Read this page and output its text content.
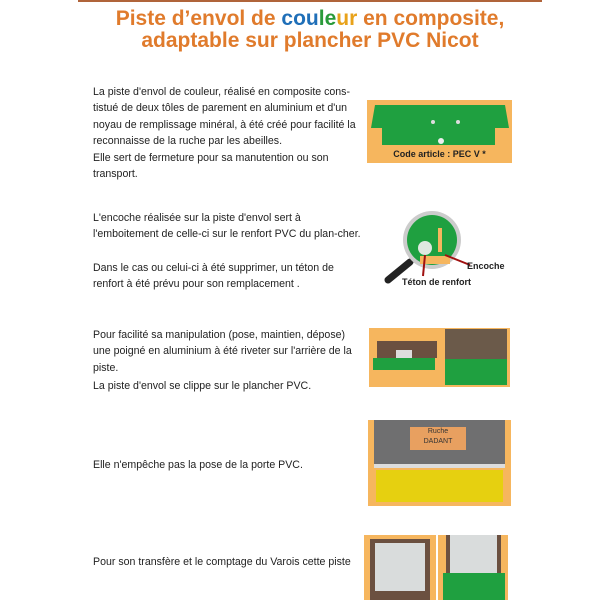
Piste d’envol de couleur en composite,
adaptable sur plancher PVC Nicot

La piste d'envol de couleur, réalisé en composite cons-tistué de deux tôles de parement en aluminium et d'un noyau de remplissage minéral, à été créé pour facilité la reconnaisse de la ruche par les abeilles.

Elle sert de fermeture pour sa manutention ou son transport.

Code article : PEC V *

L'encoche réalisée sur la piste d'envol sert à l'emboitement de celle-ci sur le renfort PVC du plan-cher.

Dans le cas ou celui-ci à été supprimer, un téton de renfort à été prévu pour son remplacement .

Encoche
Téton de renfort

Pour facilité sa manipulation (pose, maintien, dépose) une poigné en aluminium à été riveter sur l'arrière de la piste.

La piste d'envol se clippe sur le plancher PVC.

Elle n'empêche pas la pose de la porte PVC.

Ruche
DADANT

Pour son transfère et le comptage du Varois cette piste
